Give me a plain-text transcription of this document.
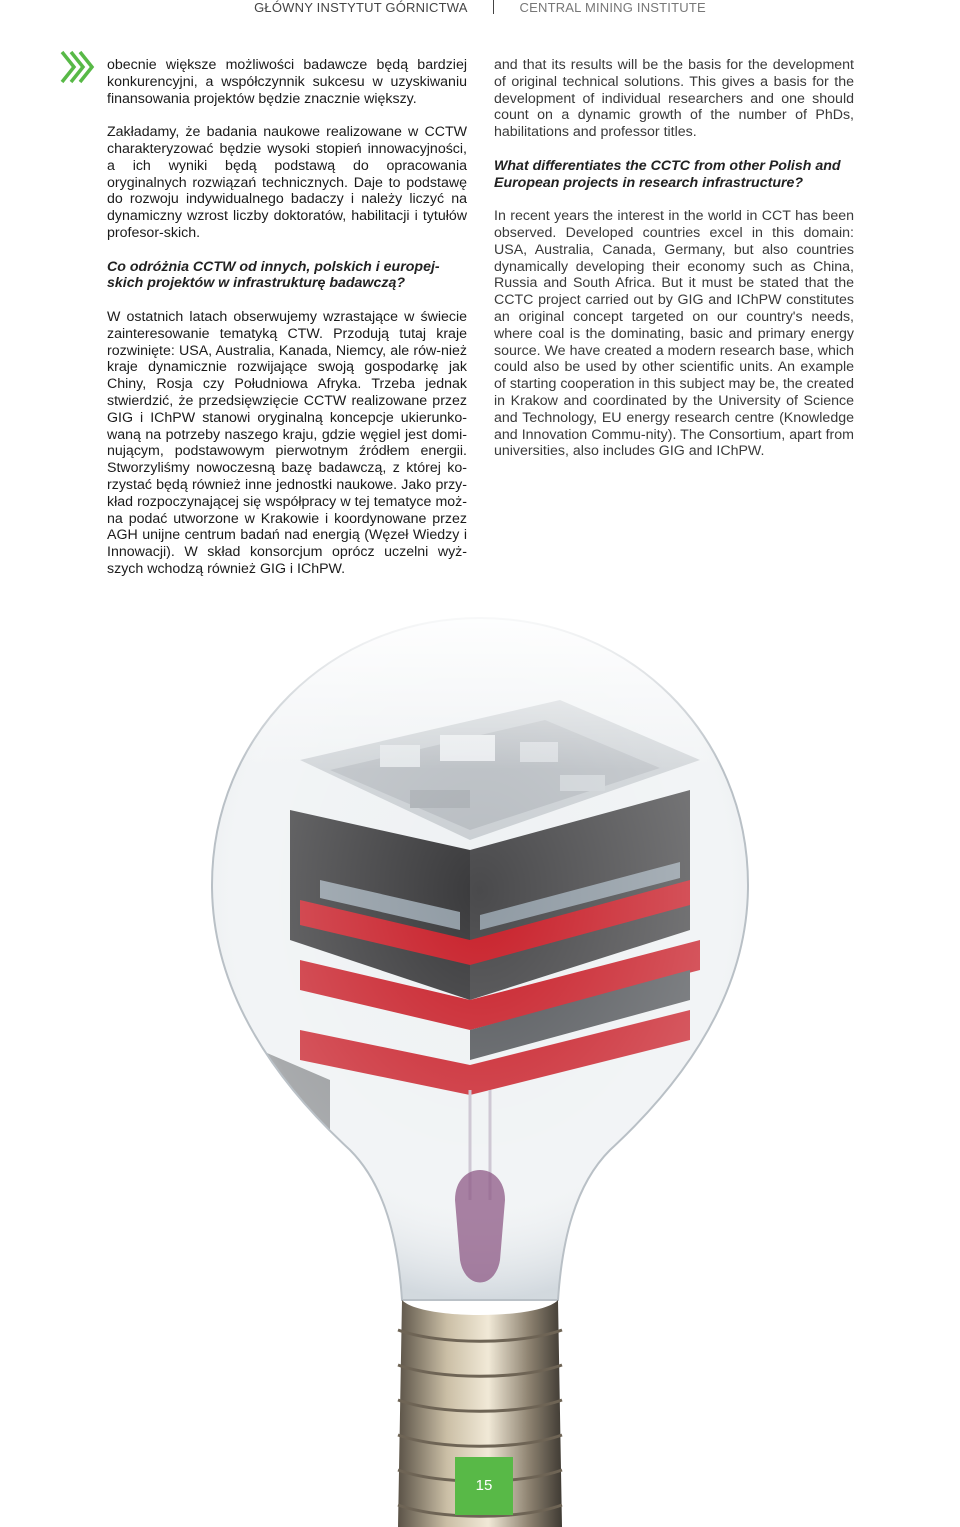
GŁÓWNY INSTYTUT GÓRNICTWA	CENTRAL MINING INSTITUTE

obecnie większe możliwości badawcze będą bardziej konkurencyjni, a współczynnik sukcesu w uzyskiwaniu finansowania projektów będzie znacznie większy.

Zakładamy, że badania naukowe realizowane w CCTW charakteryzować będzie wysoki stopień innowacyjności, a ich wyniki będą podstawą do opracowania oryginalnych rozwiązań technicznych. Daje to podstawę do rozwoju indywidualnego badaczy i należy liczyć na dynamiczny wzrost liczby doktoratów, habilitacji i tytułów profesor-skich.

Co odróżnia CCTW od innych, polskich i europej-skich projektów w infrastrukturę badawczą?

W ostatnich latach obserwujemy wzrastające w świecie zainteresowanie tematyką CTW. Przodują tutaj kraje rozwinięte: USA, Australia, Kanada, Niemcy, ale rów-nież kraje dynamicznie rozwijające swoją gospodarkę jak Chiny, Rosja czy Południowa Afryka. Trzeba jednak stwierdzić, że przedsięwzięcie CCTW realizowane przez GIG i IChPW stanowi oryginalną koncepcje ukierunko-waną na potrzeby naszego kraju, gdzie węgiel jest domi-nującym, podstawowym pierwotnym źródłem energii. Stworzyliśmy nowoczesną bazę badawczą, z której ko-rzystać będą również inne jednostki naukowe. Jako przy-kład rozpoczynającej się współpracy w tej tematyce moż-na podać utworzone w Krakowie i koordynowane przez AGH unijne centrum badań nad energią (Węzeł Wiedzy i Innowacji). W skład konsorcjum oprócz uczelni wyż-szych wchodzą również GIG i IChPW.

and that its results will be the basis for the development of original technical solutions. This gives a basis for the development of individual researchers and one should count on a dynamic growth of the number of PhDs, habilitations and professor titles.

What differentiates the CCTC from other Polish and European projects in research infrastructure?

In recent years the interest in the world in CCT has been observed. Developed countries excel in this domain: USA, Australia, Canada, Germany, but also countries dynamically developing their economy such as China, Russia and South Africa. But it must be stated that the CCTC project carried out by GIG and IChPW constitutes an original concept targeted on our country's needs, where coal is the dominating, basic and primary energy source. We have created a modern research base, which could also be used by other scientific units. An example of starting cooperation in this subject may be, the created in Krakow and coordinated by the University of Science and Technology, EU energy research centre (Knowledge and Innovation Commu-nity). The Consortium, apart from universities, also includes GIG and IChPW.

15
